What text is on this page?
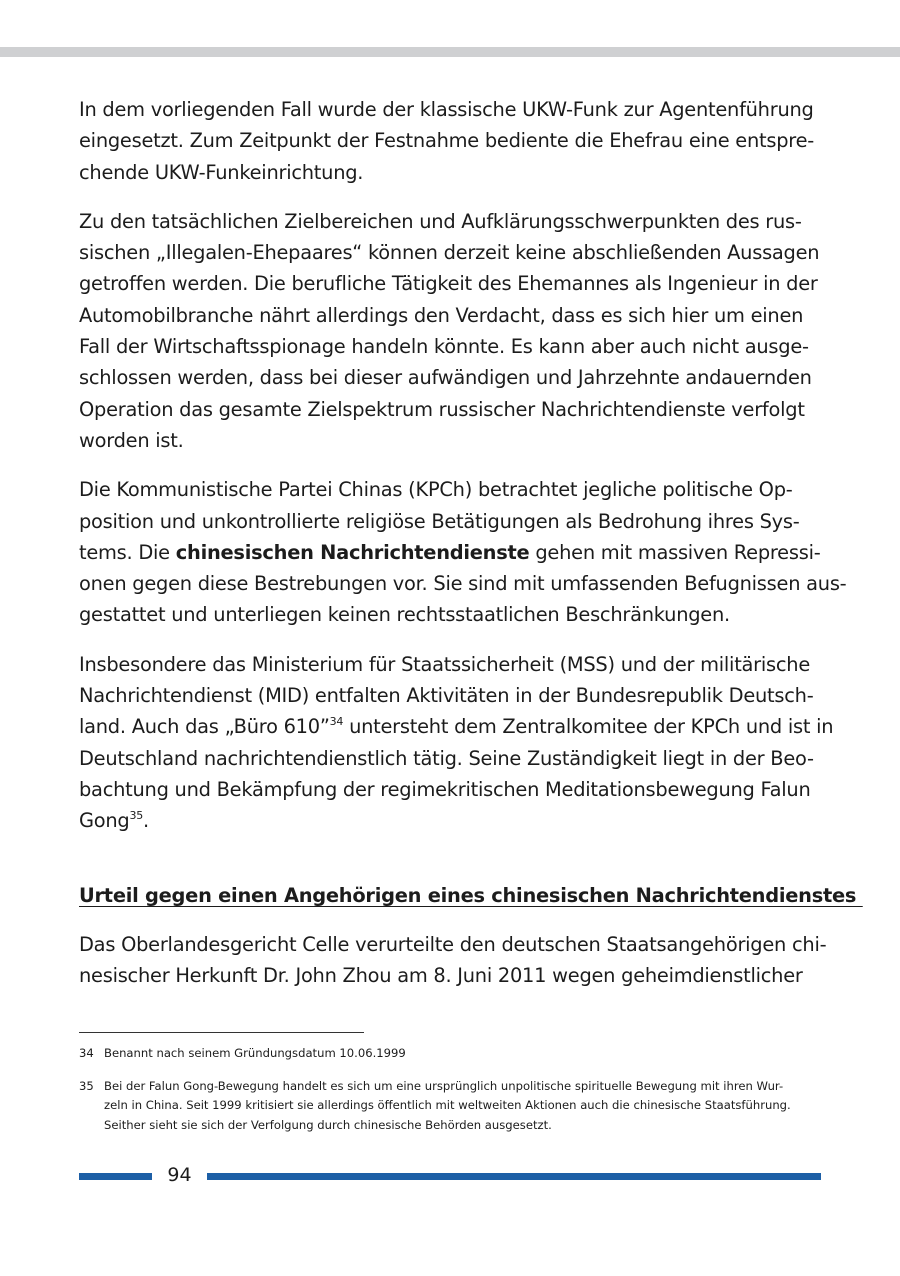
In dem vorliegenden Fall wurde der klassische UKW-Funk zur Agentenführung
eingesetzt. Zum Zeitpunkt der Festnahme bediente die Ehefrau eine entspre-
chende UKW-Funkeinrichtung.

Zu den tatsächlichen Zielbereichen und Aufklärungsschwerpunkten des rus-
sischen „Illegalen-Ehepaares“ können derzeit keine abschließenden Aussagen
getroffen werden. Die berufliche Tätigkeit des Ehemannes als Ingenieur in der
Automobilbranche nährt allerdings den Verdacht, dass es sich hier um einen
Fall der Wirtschaftsspionage handeln könnte. Es kann aber auch nicht ausge-
schlossen werden, dass bei dieser aufwändigen und Jahrzehnte andauernden
Operation das gesamte Zielspektrum russischer Nachrichtendienste verfolgt
worden ist.

Die Kommunistische Partei Chinas (KPCh) betrachtet jegliche politische Op-
position und unkontrollierte religiöse Betätigungen als Bedrohung ihres Sys-
tems. Die chinesischen Nachrichtendienste gehen mit massiven Repressi-
onen gegen diese Bestrebungen vor. Sie sind mit umfassenden Befugnissen aus-
gestattet und unterliegen keinen rechtsstaatlichen Beschränkungen.

Insbesondere das Ministerium für Staatssicherheit (MSS) und der militärische
Nachrichtendienst (MID) entfalten Aktivitäten in der Bundesrepublik Deutsch-
land. Auch das „Büro 610”$^{34}$ untersteht dem Zentralkomitee der KPCh und ist in
Deutschland nachrichtendienstlich tätig. Seine Zuständigkeit liegt in der Beo-
bachtung und Bekämpfung der regimekritischen Meditationsbewegung Falun
Gong$^{35}$.

Urteil gegen einen Angehörigen eines chinesischen Nachrichtendienstes

Das Oberlandesgericht Celle verurteilte den deutschen Staatsangehörigen chi-
nesischer Herkunft Dr. John Zhou am 8. Juni 2011 wegen geheimdienstlicher

34 Benannt nach seinem Gründungsdatum 10.06.1999
35 Bei der Falun Gong-Bewegung handelt es sich um eine ursprünglich unpolitische spirituelle Bewegung mit ihren Wur-
zeln in China. Seit 1999 kritisiert sie allerdings öffentlich mit weltweiten Aktionen auch die chinesische Staatsführung.
Seither sieht sie sich der Verfolgung durch chinesische Behörden ausgesetzt.
94
